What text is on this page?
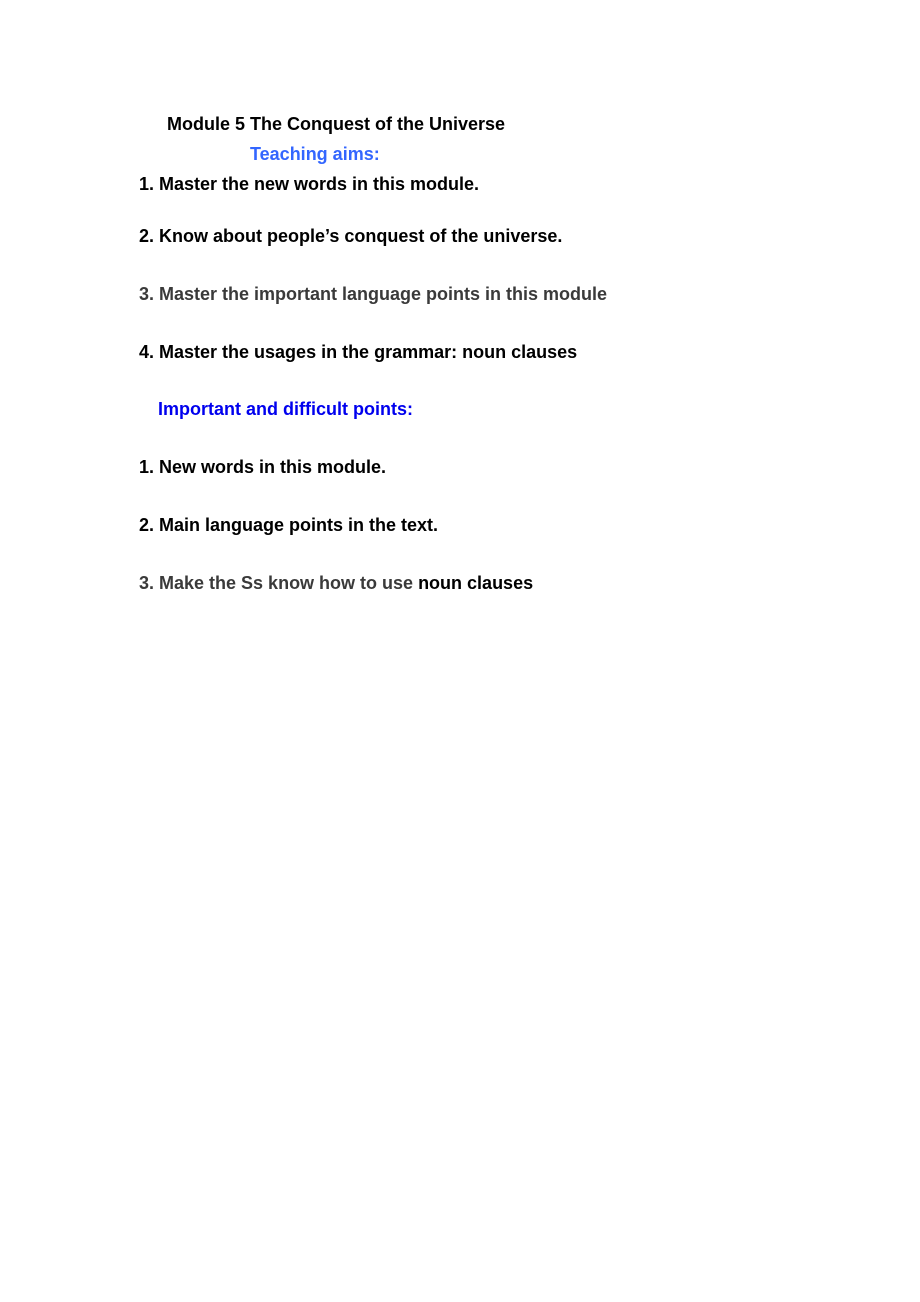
Module 5 The Conquest of the Universe
Teaching aims:
1. Master the new words in this module.
2. Know about people’s conquest of the universe.
3. Master the important language points in this module
4. Master the usages in the grammar: noun clauses
Important and difficult points:
1. New words in this module.
2. Main language points in the text.
3. Make the Ss know how to use noun clauses
